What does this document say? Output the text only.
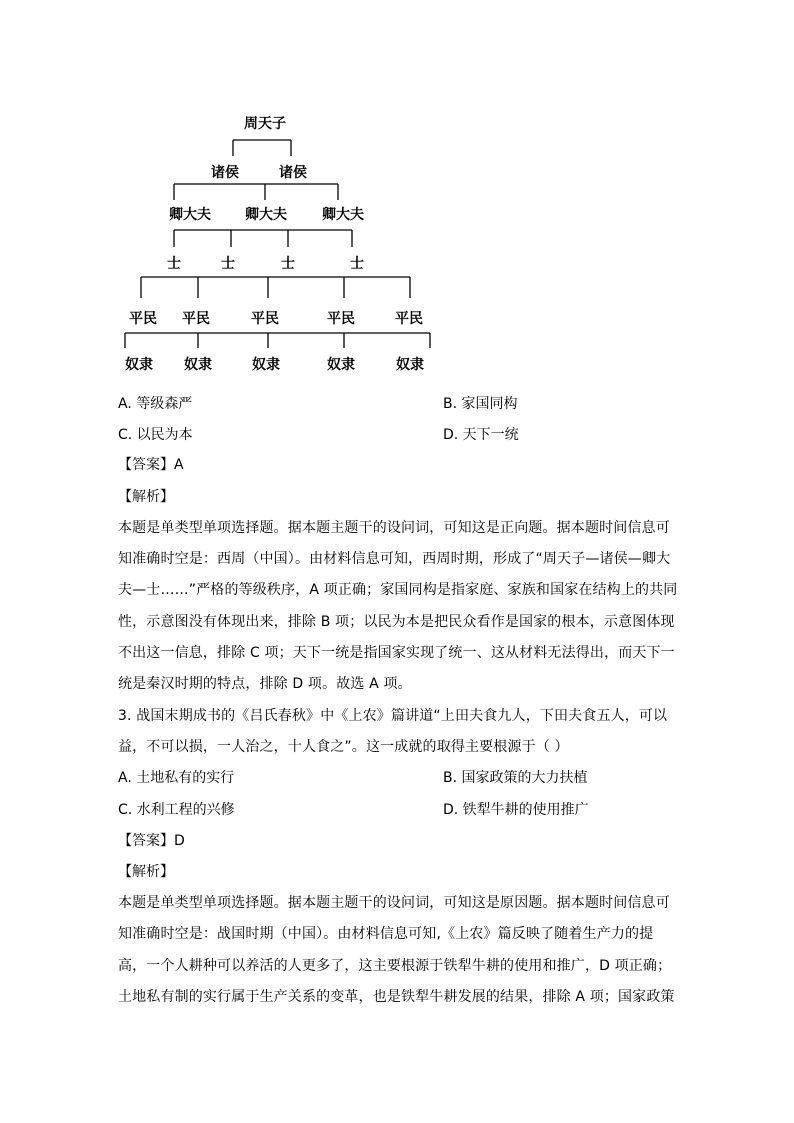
周天子
诸侯	诸侯
卿大夫 卿大夫	卿大夫
士	士	士	士
平民 平民	平民	平民	平民
奴隶 奴隶	奴隶	奴隶	奴隶
A. 等级森严	B. 家国同构
C. 以民为本	D. 天下一统
【答案】A
【解析】
本题是单类型单项选择题。据本题主题干的设问词，可知这是正向题。据本题时间信息可
知准确时空是：西周（中国）。由材料信息可知，西周时期，形成了“周天子—诸侯—卿大
夫—士……”严格的等级秩序，A 项正确；家国同构是指家庭、家族和国家在结构上的共同
性，示意图没有体现出来，排除 B 项；以民为本是把民众看作是国家的根本，示意图体现
不出这一信息，排除 C 项；天下一统是指国家实现了统一、这从材料无法得出，而天下一
统是秦汉时期的特点，排除 D 项。故选 A 项。
3. 战国末期成书的《吕氏春秋》中《上农》篇讲道“上田夫食九人，下田夫食五人，可以
益，不可以损，一人治之，十人食之”。这一成就的取得主要根源于（ ）
A. 土地私有的实行	B. 国家政策的大力扶植
C. 水利工程的兴修	D. 铁犁牛耕的使用推广
【答案】D
【解析】
本题是单类型单项选择题。据本题主题干的设问词，可知这是原因题。据本题时间信息可
知准确时空是：战国时期（中国）。由材料信息可知,《上农》篇反映了随着生产力的提
高，一个人耕种可以养活的人更多了，这主要根源于铁犁牛耕的使用和推广，D 项正确；
土地私有制的实行属于生产关系的变革，也是铁犁牛耕发展的结果，排除 A 项；国家政策
